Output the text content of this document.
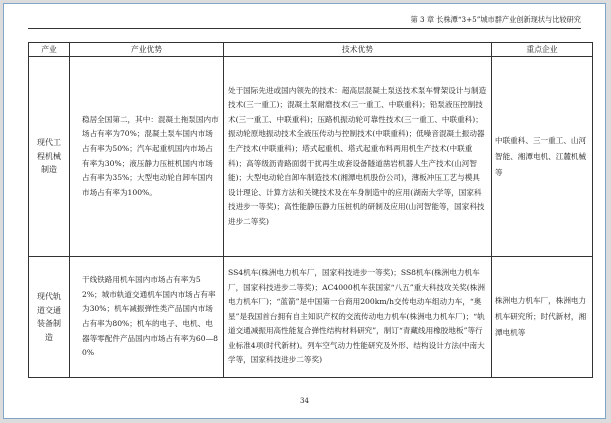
第 3 章 长株潭“3+5”城市群产业创新现状与比较研究
产业	产业优势	技术优势	重点企业
现代工程机械制造	稳居全国第二，其中：混凝土拖泵国内市场占有率为70%；混凝土泵车国内市场占有率为50%；汽车起重机国内市场占有率为30%；液压静力压桩机国内市场占有率为35%；大型电动轮自卸车国内市场占有率为100%。	处于国际先进或国内领先的技术：超高层混凝土泵送技术泵车臂架设计与制造技术(三一重工)；混凝土泵耐磨技术(三一重工、中联重科)；铅泵液压控制技术(三一重工、中联重科)；压路机振动轮可靠性技术(三一重工、中联重科)；振动轮原地振动技术全液压传动与控制技术(中联重科)；低噪音混凝土振动器生产技术(中联重科)；塔式起重机、塔式起重布料两用机生产技术(中联重科)；高等级沥青路面弱干扰再生成套设备隧道凿岩机器人生产技术(山河智能)；大型电动轮自卸车制造技术(湘潭电机股份公司)，薄板冲压工艺与模具设计理论、计算方法和关键技术及在车身制造中的应用(湖南大学等，国家科技进步一等奖)；高性能静压静力压桩机的研制及应用(山河智能等，国家科技进步二等奖)	中联重科、三一重工、山河智能、湘潭电机、江麓机械等
现代轨道交通装备制造	干线铁路用机车国内市场占有率为52%；城市轨道交通机车国内市场占有率为30%；机车减振弹性类产品国内市场占有率为80%；机车的电子、电机、电器等零配件产品国内市场占有率为60—80%	SS4机车(株洲电力机车厂，国家科技进步一等奖)；SS8机车(株洲电力机车厂，国家科技进步二等奖)；AC4000机车获国家“八五”重大科技攻关奖(株洲电力机车厂)；“蓝箭”是中国第一台商用200km/h交传电动车组动力车，“奥星”是我国首台拥有自主知识产权的交流传动电力机车(株洲电力机车厂)；“轨道交通减振用高性能复合弹性结构材料研究”，制订“青藏线用橡胶地板”等行业标准4项(时代新材)。列车空气动力性能研究及外形、结构设计方法(中南大学等，国家科技进步二等奖)	株洲电力机车厂，株洲电力机车研究所；时代新材，湘潭电机等
34
